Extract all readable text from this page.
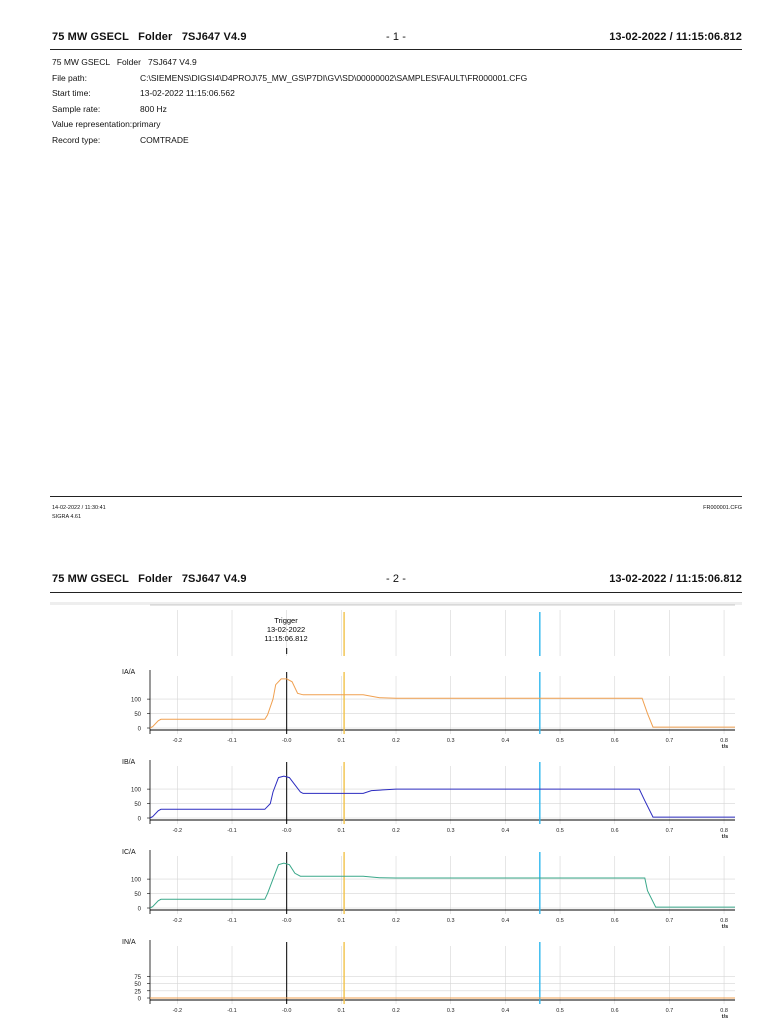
75 MW GSECL   Folder   7SJ647 V4.9	- 1 -	13-02-2022 / 11:15:06.812
75 MW GSECL   Folder   7SJ647 V4.9
File path:	C:\SIEMENS\DIGSI4\D4PROJ\75_MW_GS\P7DI\GV\SD\00000002\SAMPLES\FAULT\FR000001.CFG
Start time:	13-02-2022 11:15:06.562
Sample rate:	800 Hz
Value representation:primary
Record type:	COMTRADE
14-02-2022 / 11:30:41
SIGRA 4.61
FR000001.CFG
75 MW GSECL   Folder   7SJ647 V4.9	- 2 -	13-02-2022 / 11:15:06.812
Trigger
13-02-2022
11:15:06.812
0
50
100
IA/A
-0.2	-0.1	-0.0	0.1	0.2	0.3	0.4	0.5	0.6	0.7	0.8
t/s
0
50
100
IB/A
-0.2	-0.1	-0.0	0.1	0.2	0.3	0.4	0.5	0.6	0.7	0.8
t/s
0
50
100
IC/A
-0.2	-0.1	-0.0	0.1	0.2	0.3	0.4	0.5	0.6	0.7	0.8
t/s
0
25
50
75
IN/A
-0.2	-0.1	-0.0	0.1	0.2	0.3	0.4	0.5	0.6	0.7	0.8
t/s
